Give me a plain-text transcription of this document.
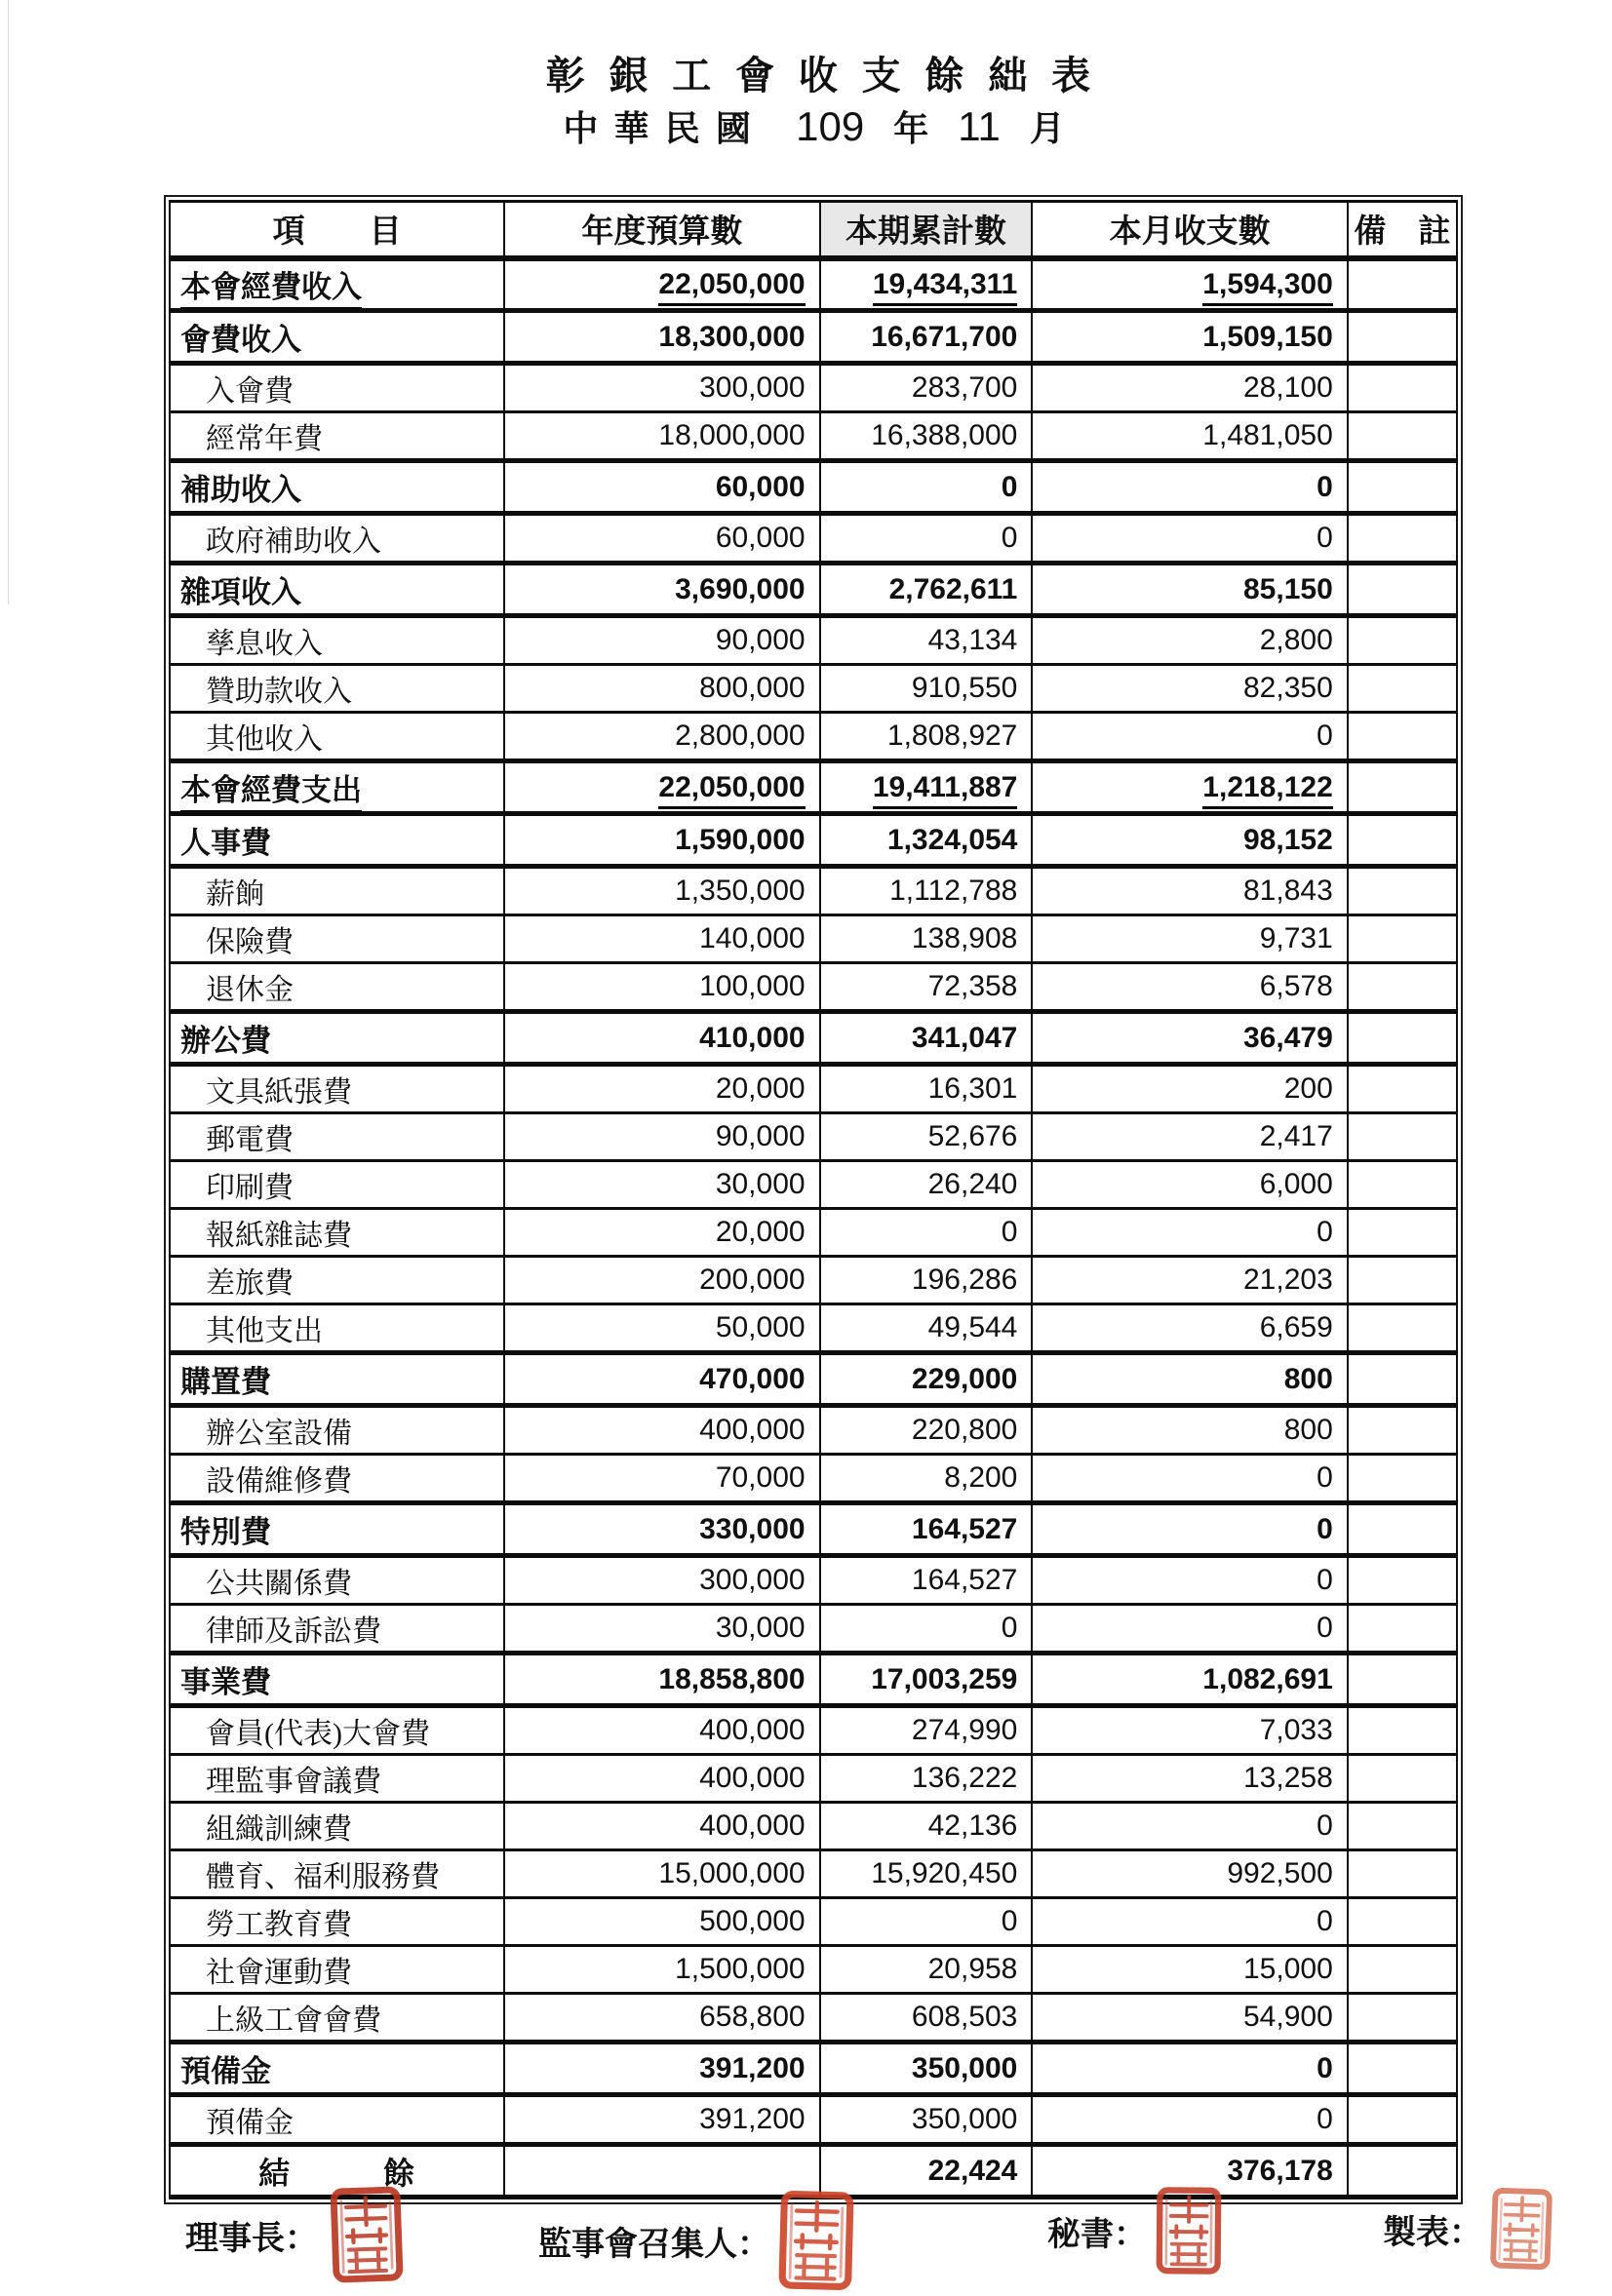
彰銀工會收支餘絀表
中華民國 109 年 11 月
項　　目	年度預算數	本期累計數	本月收支數	備　註
本會經費收入	22,050,000	19,434,311	1,594,300	
會費收入	18,300,000	16,671,700	1,509,150	
入會費	300,000	283,700	28,100	
經常年費	18,000,000	16,388,000	1,481,050	
補助收入	60,000	0	0	
政府補助收入	60,000	0	0	
雜項收入	3,690,000	2,762,611	85,150	
孳息收入	90,000	43,134	2,800	
贊助款收入	800,000	910,550	82,350	
其他收入	2,800,000	1,808,927	0	
本會經費支出	22,050,000	19,411,887	1,218,122	
人事費	1,590,000	1,324,054	98,152	
薪餉	1,350,000	1,112,788	81,843	
保險費	140,000	138,908	9,731	
退休金	100,000	72,358	6,578	
辦公費	410,000	341,047	36,479	
文具紙張費	20,000	16,301	200	
郵電費	90,000	52,676	2,417	
印刷費	30,000	26,240	6,000	
報紙雜誌費	20,000	0	0	
差旅費	200,000	196,286	21,203	
其他支出	50,000	49,544	6,659	
購置費	470,000	229,000	800	
辦公室設備	400,000	220,800	800	
設備維修費	70,000	8,200	0	
特別費	330,000	164,527	0	
公共關係費	300,000	164,527	0	
律師及訴訟費	30,000	0	0	
事業費	18,858,800	17,003,259	1,082,691	
會員(代表)大會費	400,000	274,990	7,033	
理監事會議費	400,000	136,222	13,258	
組織訓練費	400,000	42,136	0	
體育、福利服務費	15,000,000	15,920,450	992,500	
勞工教育費	500,000	0	0	
社會運動費	1,500,000	20,958	15,000	
上級工會會費	658,800	608,503	54,900	
預備金	391,200	350,000	0	
預備金	391,200	350,000	0	
結　　　餘		22,424	376,178	
理事長：	監事會召集人：	秘書：	製表：
